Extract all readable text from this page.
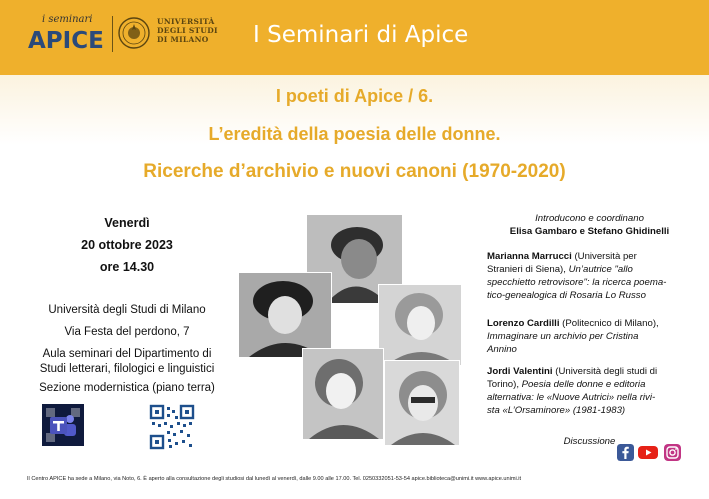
i seminari
APICE
UNIVERSITÀ
DEGLI STUDI
DI MILANO	I Seminari di Apice
I poeti di Apice / 6.
L’eredità della poesia delle donne.
Ricerche d’archivio e nuovi canoni (1970-2020)
Venerdì
20 ottobre 2023
ore 14.30
Università degli Studi di Milano
Via Festa del perdono, 7
Aula seminari del Dipartimento di
Studi letterari, filologici e linguistici
Sezione modernistica (piano terra)
Introducono e coordinano
Elisa Gambaro e Stefano Ghidinelli
Marianna Marrucci (Università per
Stranieri di Siena), Un’autrice "allo
specchietto retrovisore": la ricerca poema-
tico-genealogica di Rosaria Lo Russo
Lorenzo Cardilli (Politecnico di Milano),
Immaginare un archivio per Cristina
Annino
Jordi Valentini (Università degli studi di
Torino), Poesia delle donne e editoria
alternativa: le «Nuove Autrici» nella rivi-
sta «L’Orsaminore» (1981-1983)
Discussione
Il Centro APICE ha sede a Milano, via Noto, 6. È aperto alla consultazione degli studiosi dal lunedì al venerdì, dalle 9.00 alle 17.00. Tel. 0250332051-53-54 apice.biblioteca@unimi.it www.apice.unimi.it
